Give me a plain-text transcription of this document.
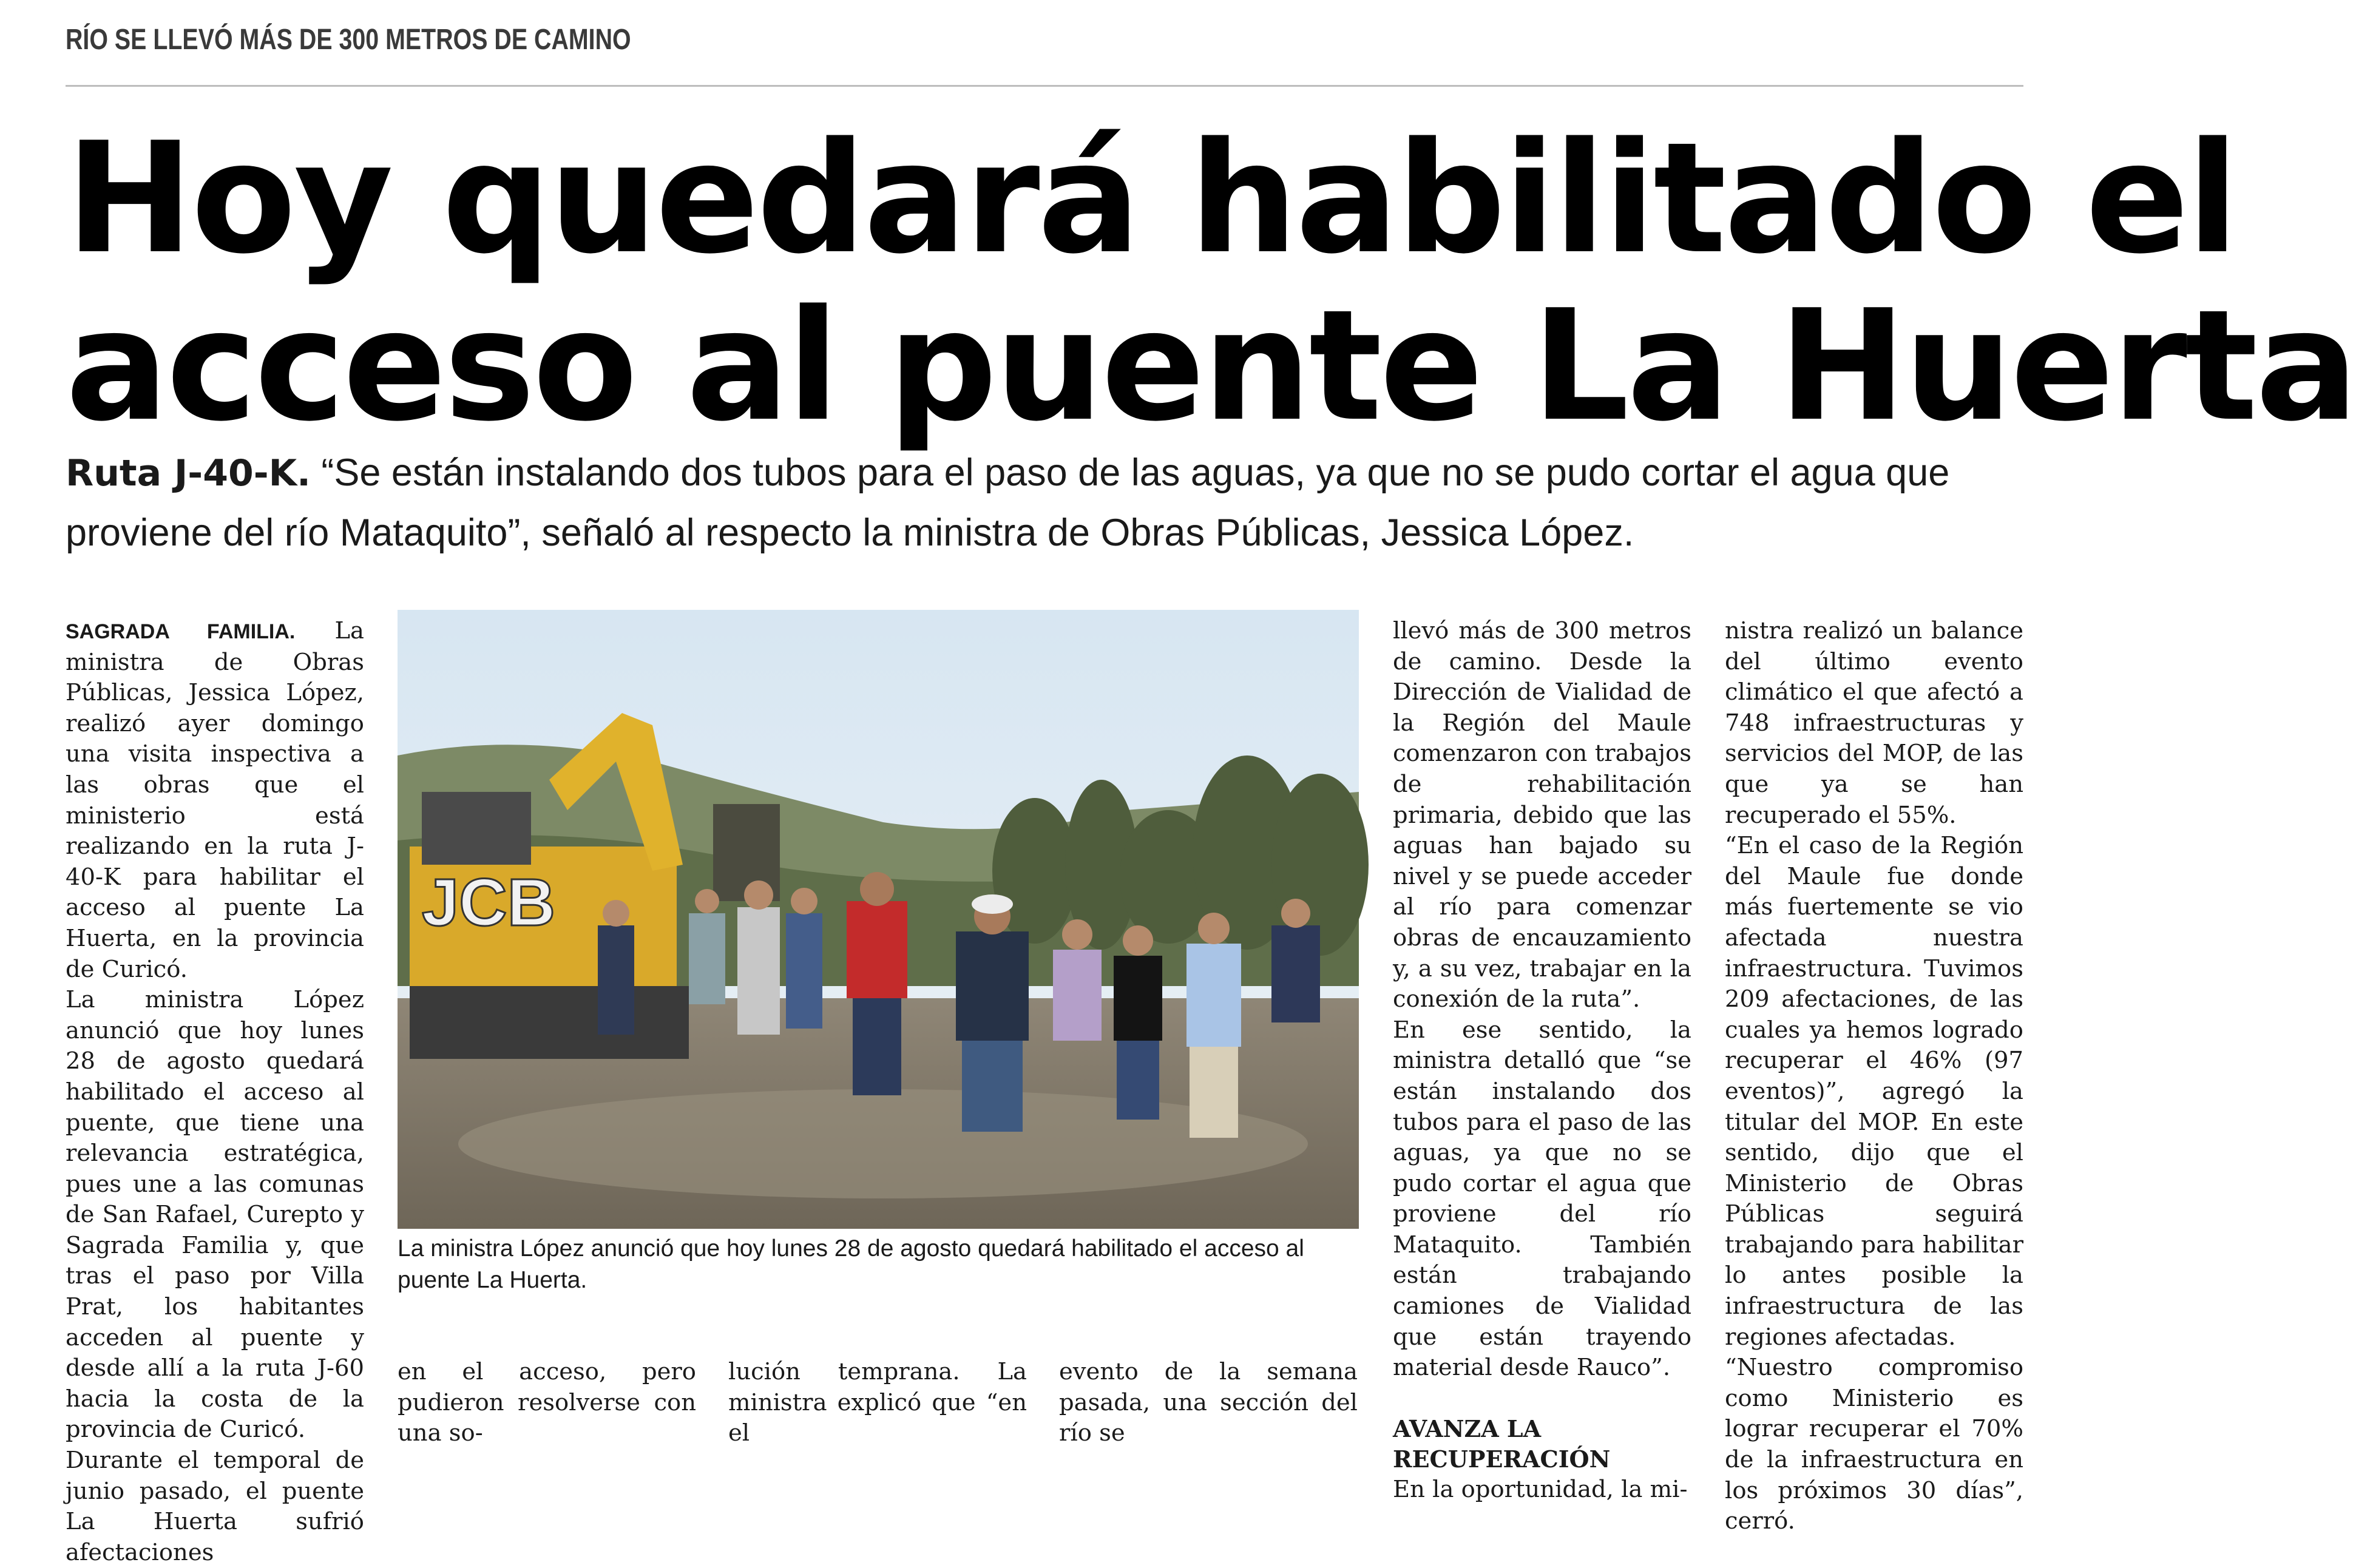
RÍO SE LLEVÓ MÁS DE 300 METROS DE CAMINO
Hoy quedará habilitado el
acceso al puente La Huerta
Ruta J-40-K. “Se están instalando dos tubos para el paso de las aguas, ya que no se pudo cortar el agua que
proviene del río Mataquito”, señaló al respecto la ministra de Obras Públicas, Jessica López.

SAGRADA FAMILIA. La ministra de Obras Públicas, Jessica López, realizó ayer domingo una visita inspectiva a las obras que el ministerio está realizando en la ruta J-40-K para habilitar el acceso al puente La Huerta, en la provincia de Curicó.

La ministra López anunció que hoy lunes 28 de agosto quedará habilitado el acceso al puente, que tiene una relevancia estratégica, pues une a las comunas de San Rafael, Curepto y Sagrada Familia y, que tras el paso por Villa Prat, los habitantes acceden al puente y desde allí a la ruta J-60 hacia la costa de la provincia de Curicó.

Durante el temporal de junio pasado, el puente La Huerta sufrió afectaciones

JCB
La ministra López anunció que hoy lunes 28 de agosto quedará habilitado el acceso al puente La Huerta.
en el acceso, pero pudieron resolverse con una so-
lución temprana. La ministra explicó que “en el
evento de la semana pasada, una sección del río se

llevó más de 300 metros de camino. Desde la Dirección de Vialidad de la Región del Maule comenzaron con trabajos de rehabilitación primaria, debido que las aguas han bajado su nivel y se puede acceder al río para comenzar obras de encauzamiento y, a su vez, trabajar en la conexión de la ruta”.

En ese sentido, la ministra detalló que “se están instalando dos tubos para el paso de las aguas, ya que no se pudo cortar el agua que proviene del río Mataquito. También están trabajando camiones de Vialidad que están trayendo material desde Rauco”.

AVANZA LA RECUPERACIÓN

En la oportunidad, la mi-

nistra realizó un balance del último evento climático el que afectó a 748 infraestructuras y servicios del MOP, de las que ya se han recuperado el 55%.

“En el caso de la Región del Maule fue donde más fuertemente se vio afectada nuestra infraestructura. Tuvimos 209 afectaciones, de las cuales ya hemos logrado recuperar el 46% (97 eventos)”, agregó la titular del MOP. En este sentido, dijo que el Ministerio de Obras Públicas seguirá trabajando para habilitar lo antes posible la infraestructura de las regiones afectadas.

“Nuestro compromiso como Ministerio es lograr recuperar el 70% de la infraestructura en los próximos 30 días”, cerró.
